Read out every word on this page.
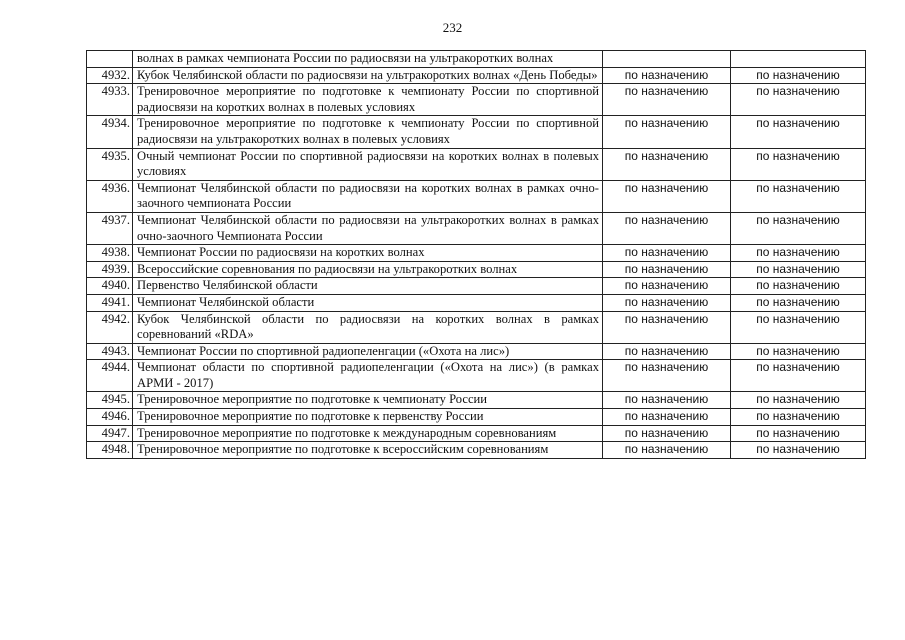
232
	волнах в рамках чемпионата России по радиосвязи на ультракоротких волнах		
4932.	Кубок Челябинской области по радиосвязи на ультракоротких волнах «День Победы»	по назначению	по назначению
4933.	Тренировочное мероприятие по подготовке к чемпионату России по спортивной радиосвязи на коротких волнах в полевых условиях	по назначению	по назначению
4934.	Тренировочное мероприятие по подготовке к чемпионату России по спортивной радиосвязи на ультракоротких волнах в полевых условиях	по назначению	по назначению
4935.	Очный чемпионат России по спортивной радиосвязи на коротких волнах в полевых условиях	по назначению	по назначению
4936.	Чемпионат Челябинской области по радиосвязи на коротких волнах в рамках очно-заочного чемпионата России	по назначению	по назначению
4937.	Чемпионат Челябинской области по радиосвязи на ультракоротких волнах в рамках очно-заочного Чемпионата России	по назначению	по назначению
4938.	Чемпионат России по радиосвязи на коротких волнах	по назначению	по назначению
4939.	Всероссийские соревнования по радиосвязи на ультракоротких волнах	по назначению	по назначению
4940.	Первенство Челябинской области	по назначению	по назначению
4941.	Чемпионат Челябинской области	по назначению	по назначению
4942.	Кубок Челябинской области по радиосвязи на коротких волнах в рамках соревнований «RDA»	по назначению	по назначению
4943.	Чемпионат России по спортивной радиопеленгации («Охота на лис»)	по назначению	по назначению
4944.	Чемпионат области по спортивной радиопеленгации («Охота на лис») (в рамках АРМИ - 2017)	по назначению	по назначению
4945.	Тренировочное мероприятие по подготовке к чемпионату России	по назначению	по назначению
4946.	Тренировочное мероприятие по подготовке к первенству России	по назначению	по назначению
4947.	Тренировочное мероприятие по подготовке к международным соревнованиям	по назначению	по назначению
4948.	Тренировочное мероприятие по подготовке к всероссийским соревнованиям	по назначению	по назначению
